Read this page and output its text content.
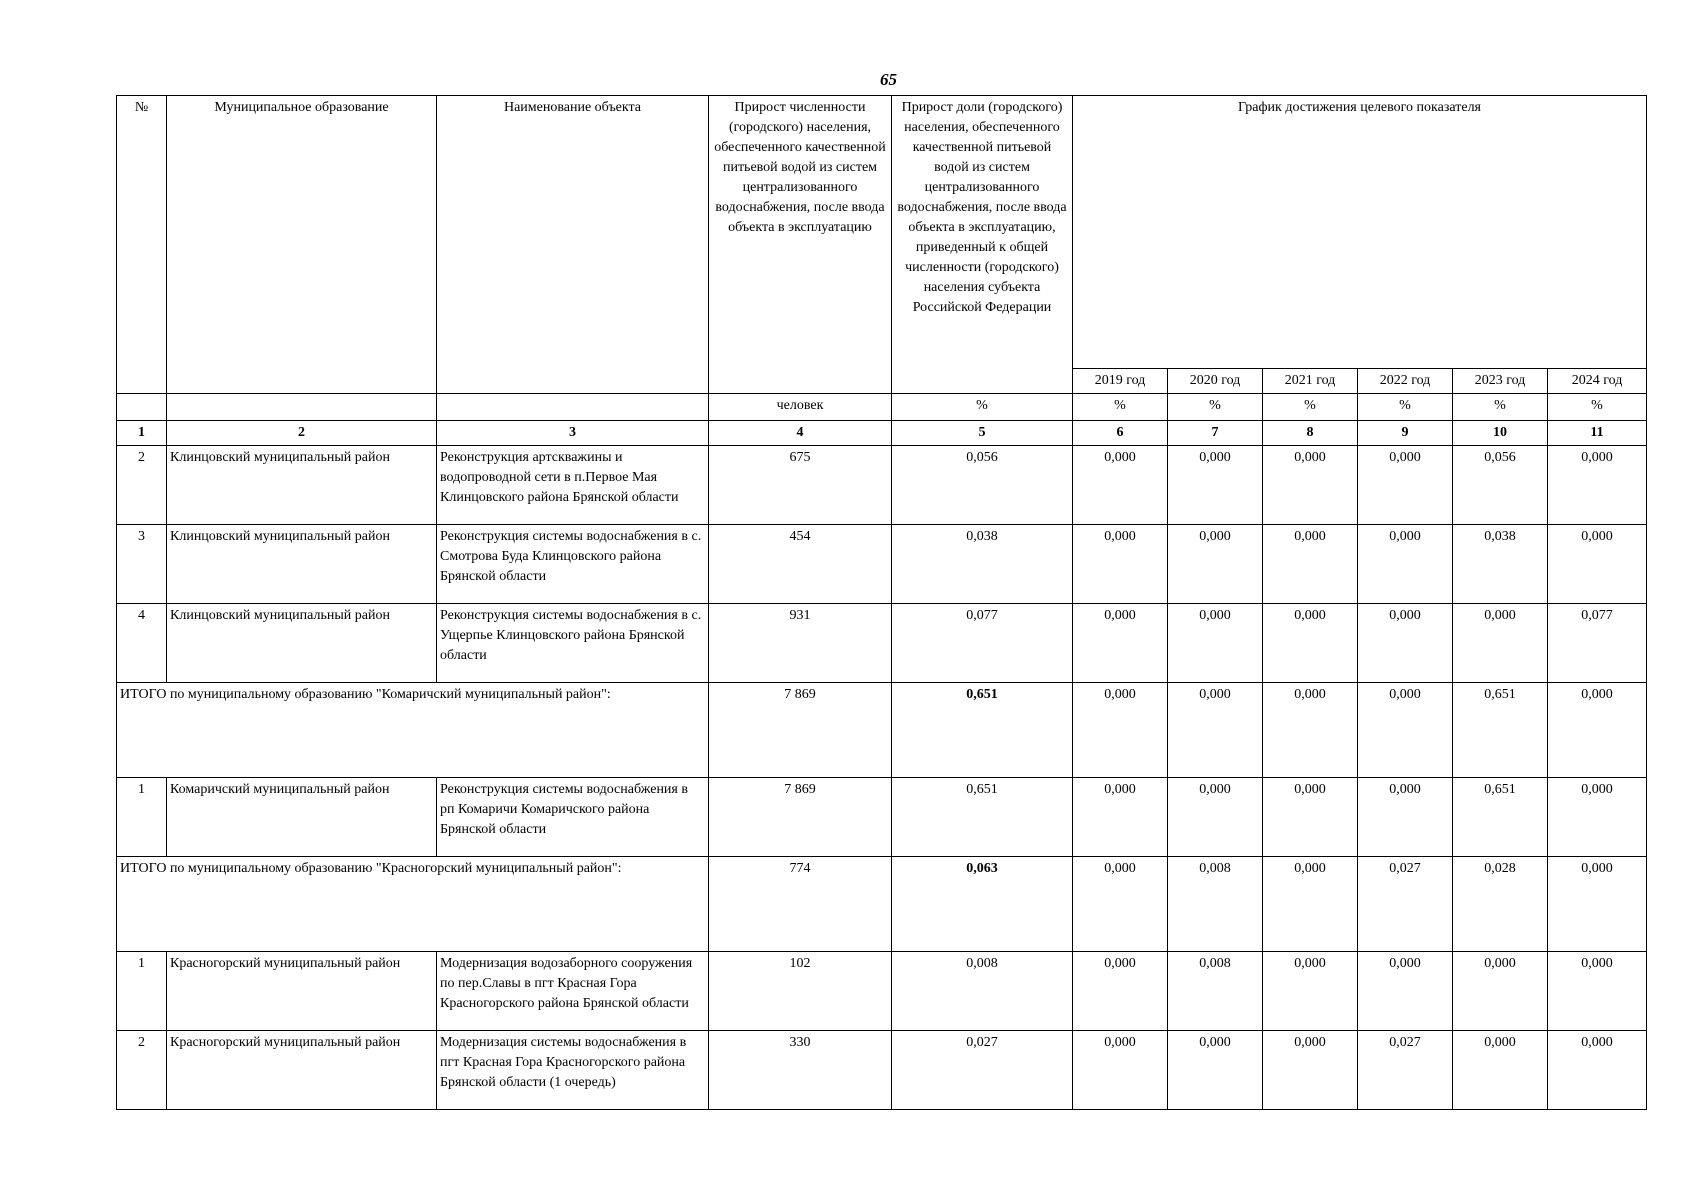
65
№	Муниципальное образование	Наименование объекта	Прирост численности (городского) населения, обеспеченного качественной питьевой водой из систем централизованного водоснабжения, после ввода объекта в эксплуатацию	Прирост доли (городского) населения, обеспеченного качественной питьевой водой из систем централизованного водоснабжения, после ввода объекта в эксплуатацию, приведенный к общей численности (городского) населения субъекта Российской Федерации	График достижения целевого показателя					
					2019 год	2020 год	2021 год	2022 год	2023 год	2024 год
			человек	%	%	%	%	%	%	%
1	2	3	4	5	6	7	8	9	10	11
2	Клинцовский муниципальный район	Реконструкция артскважины и водопроводной сети в п.Первое Мая Клинцовского района Брянской области	675	0,056	0,000	0,000	0,000	0,000	0,056	0,000
3	Клинцовский муниципальный район	Реконструкция системы водоснабжения в с. Смотрова Буда Клинцовского района Брянской области	454	0,038	0,000	0,000	0,000	0,000	0,038	0,000
4	Клинцовский муниципальный район	Реконструкция системы водоснабжения в с. Ущерпье Клинцовского района Брянской области	931	0,077	0,000	0,000	0,000	0,000	0,000	0,077
ИТОГО по муниципальному образованию "Комаричский муниципальный район":			7 869	0,651	0,000	0,000	0,000	0,000	0,651	0,000
1	Комаричский муниципальный район	Реконструкция системы водоснабжения в рп Комаричи Комаричского района Брянской области	7 869	0,651	0,000	0,000	0,000	0,000	0,651	0,000
ИТОГО по муниципальному образованию "Красногорский муниципальный район":			774	0,063	0,000	0,008	0,000	0,027	0,028	0,000
1	Красногорский муниципальный район	Модернизация водозаборного сооружения по пер.Славы в пгт Красная Гора Красногорского района Брянской области	102	0,008	0,000	0,008	0,000	0,000	0,000	0,000
2	Красногорский муниципальный район	Модернизация системы водоснабжения в пгт Красная Гора Красногорского района Брянской области (1 очередь)	330	0,027	0,000	0,000	0,000	0,027	0,000	0,000
